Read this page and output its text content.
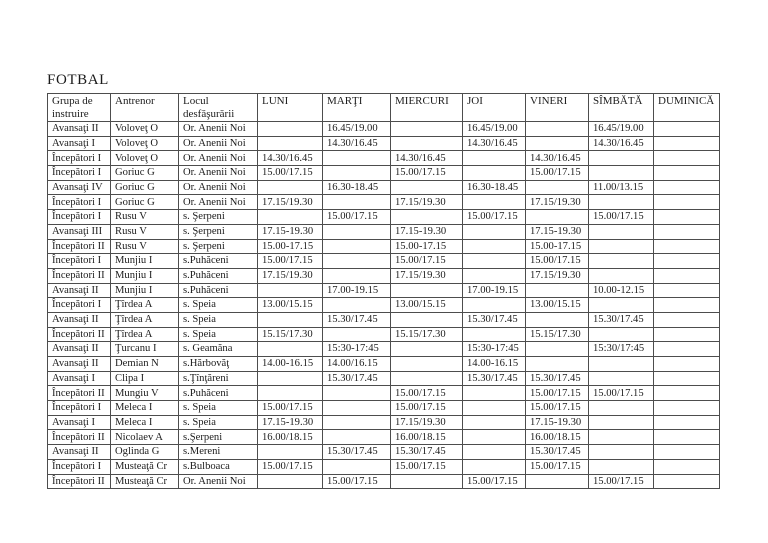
FOTBAL
Grupa de instruire	Antrenor	Locul desfăşurării	LUNI	MARŢI	MIERCURI	JOI	VINERI	SÎMBĂTĂ	DUMINICĂ
Avansaţi II	Voloveţ O	Or. Anenii Noi		16.45/19.00		16.45/19.00		16.45/19.00	
Avansaţi I	Voloveţ O	Or. Anenii Noi		14.30/16.45		14.30/16.45		14.30/16.45	
Începători I	Voloveţ O	Or. Anenii Noi	14.30/16.45		14.30/16.45		14.30/16.45		
Începători I	Goriuc G	Or. Anenii Noi	15.00/17.15		15.00/17.15		15.00/17.15		
Avansaţi IV	Goriuc G	Or. Anenii Noi		16.30-18.45		16.30-18.45		11.00/13.15	
Începători I	Goriuc G	Or. Anenii Noi	17.15/19.30		17.15/19.30		17.15/19.30		
Începători I	Rusu V	s. Şerpeni		15.00/17.15		15.00/17.15		15.00/17.15	
Avansaţi III	Rusu V	s. Şerpeni	17.15-19.30		17.15-19.30		17.15-19.30		
Începători II	Rusu V	s. Şerpeni	15.00-17.15		15.00-17.15		15.00-17.15		
Începători I	Munjiu I	s.Puhăceni	15.00/17.15		15.00/17.15		15.00/17.15		
Începători II	Munjiu I	s.Puhăceni	17.15/19.30		17.15/19.30		17.15/19.30		
Avansaţi II	Munjiu I	s.Puhăceni		17.00-19.15		17.00-19.15		10.00-12.15	
Începători I	Ţîrdea A	s. Speia	13.00/15.15		13.00/15.15		13.00/15.15		
Avansaţi II	Ţîrdea A	s. Speia		15.30/17.45		15.30/17.45		15.30/17.45	
Începători II	Ţîrdea A	s. Speia	15.15/17.30		15.15/17.30		15.15/17.30		
Avansaţi II	Ţurcanu I	s. Geamăna		15:30-17:45		15:30-17:45		15:30/17:45	
Avansaţi II	Demian N	s.Hărbovăţ	14.00-16.15	14.00/16.15		14.00-16.15			
Avansaţi I	Clipa I	s.Ţînţăreni		15.30/17.45		15.30/17.45	15.30/17.45		
Începători II	Mungiu V	s.Puhăceni			15.00/17.15		15.00/17.15	15.00/17.15	
Începători I	Meleca I	s. Speia	15.00/17.15		15.00/17.15		15.00/17.15		
Avansaţi I	Meleca I	s. Speia	17.15-19.30		17.15/19.30		17.15-19.30		
Începători II	Nicolaev A	s.Şerpeni	16.00/18.15		16.00/18.15		16.00/18.15		
Avansaţi II	Oglinda G	s.Mereni		15.30/17.45	15.30/17.45		15.30/17.45		
Începători I	Musteaţă Cr	s.Bulboaca	15.00/17.15		15.00/17.15		15.00/17.15		
Începători II	Musteaţă Cr	Or. Anenii Noi		15.00/17.15		15.00/17.15		15.00/17.15	
